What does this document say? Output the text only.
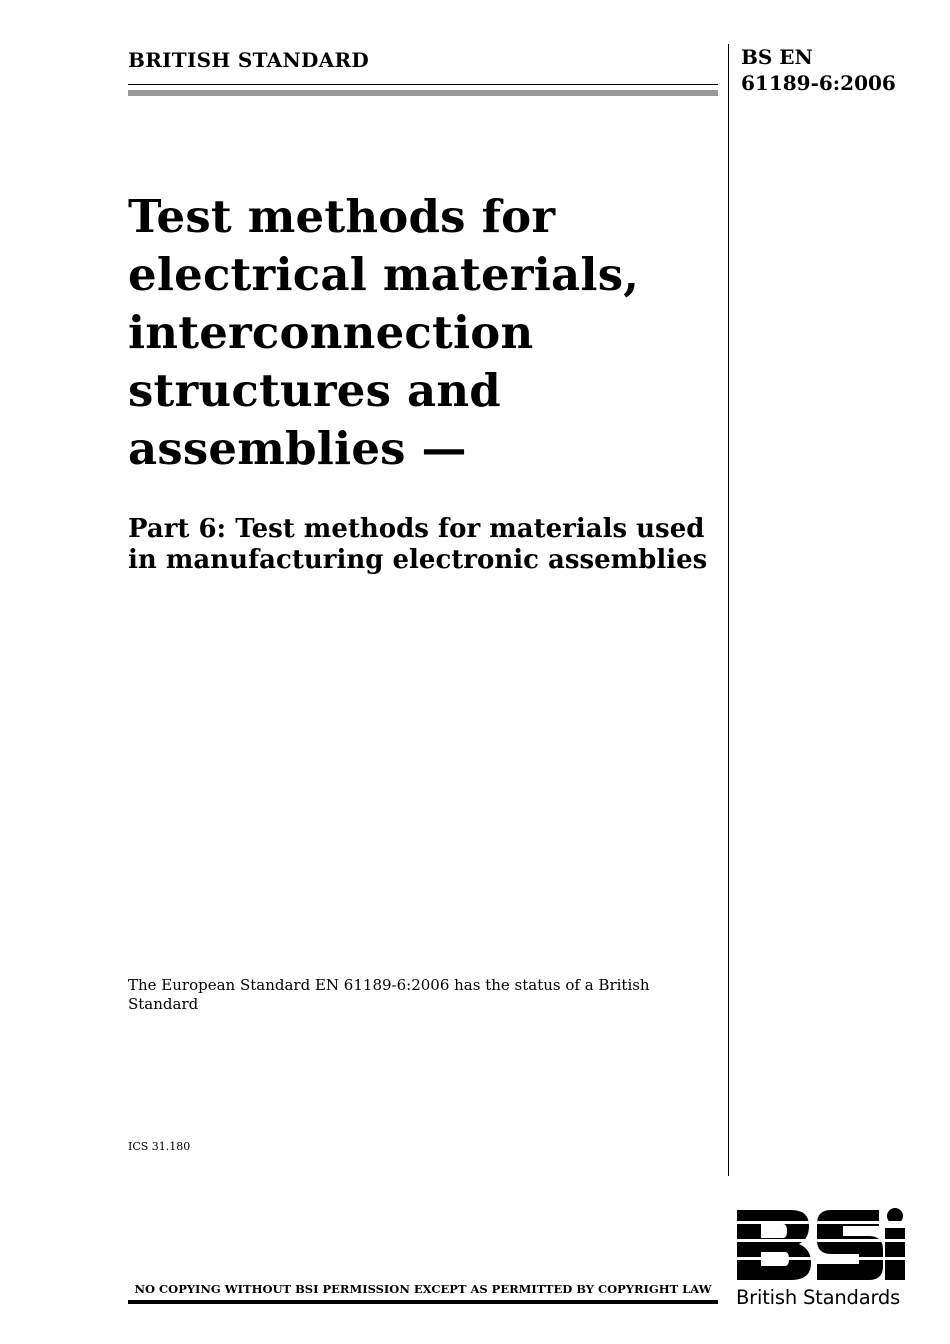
BRITISH STANDARD	BS EN
61189-6:2006
Test methods for
electrical materials,
interconnection
structures and
assemblies —
Part 6: Test methods for materials used
in manufacturing electronic assemblies
The European Standard EN 61189-6:2006 has the status of a British
Standard
ICS 31.180
NO COPYING WITHOUT BSI PERMISSION EXCEPT AS PERMITTED BY COPYRIGHT LAW	British Standards
